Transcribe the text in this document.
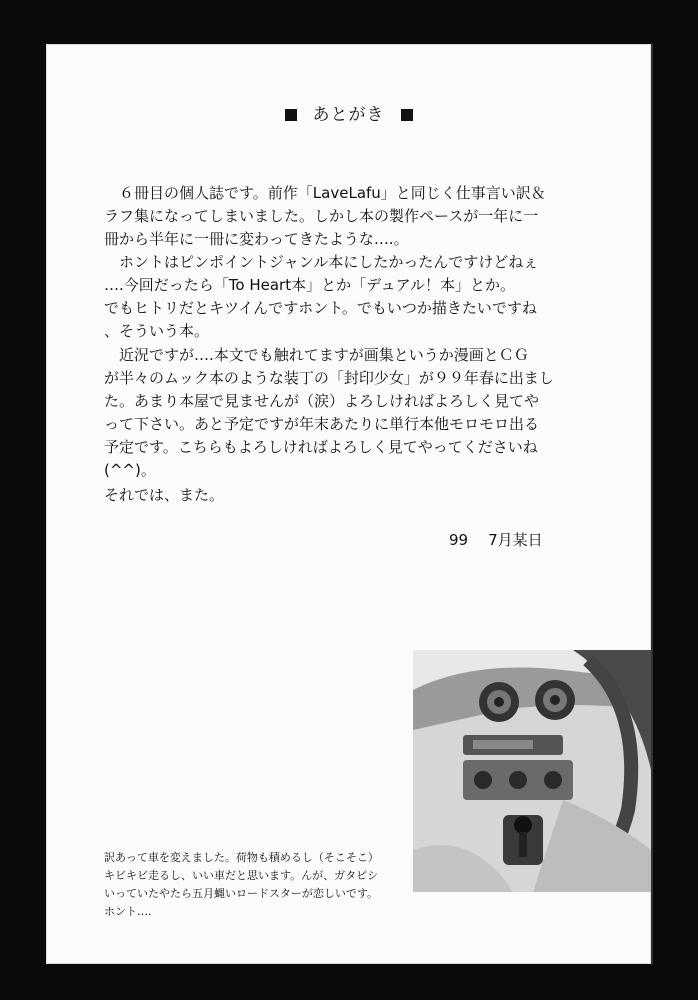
あとがき
　６冊目の個人誌です。前作「LaveLafu」と同じく仕事言い訳＆
ラフ集になってしまいました。しかし本の製作ペースが一年に一
冊から半年に一冊に変わってきたような….。
　ホントはピンポイントジャンル本にしたかったんですけどねぇ
….今回だったら「To Heart本」とか「デュアル！本」とか。
でもヒトリだとキツイんですホント。でもいつか描きたいですね
、そういう本。
　近況ですが….本文でも触れてますが画集というか漫画とＣＧ
が半々のムック本のような装丁の「封印少女」が９９年春に出まし
た。あまり本屋で見ませんが（涙）よろしければよろしく見てや
って下さい。あと予定ですが年末あたりに単行本他モロモロ出る
予定です。こちらもよろしければよろしく見てやってくださいね
(^^)。
それでは、また。
99 7月某日
訳あって車を変えました。荷物も積めるし（そこそこ）
キビキビ走るし、いい車だと思います。んが、ガタピシ
いっていたやたら五月蝿いロードスターが恋しいです。
ホント….
